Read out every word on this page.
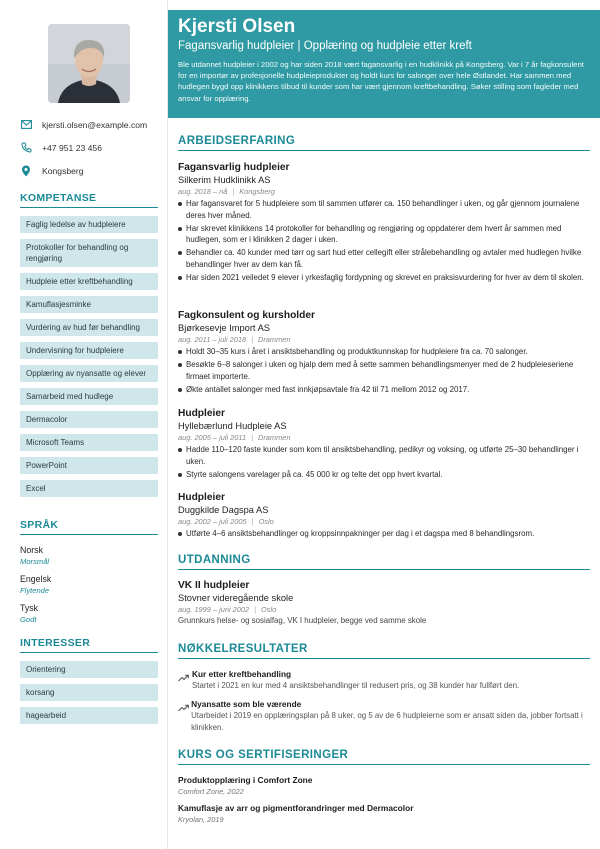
kjersti.olsen@example.com
+47 951 23 456
Kongsberg
KOMPETANSE
Faglig ledelse av hudpleiere
Protokoller for behandling og rengjøring
Hudpleie etter kreftbehandling
Kamuflasjesminke
Vurdering av hud før behandling
Undervisning for hudpleiere
Opplæring av nyansatte og elever
Samarbeid med hudlege
Dermacolor
Microsoft Teams
PowerPoint
Excel
SPRÅK
Norsk
Morsmål
Engelsk
Flytende
Tysk
Godt
INTERESSER
Orientering
korsang
hagearbeid
Kjersti Olsen
Fagansvarlig hudpleier | Opplæring og hudpleie etter kreft
Ble utdannet hudpleier i 2002 og har siden 2018 vært fagansvarlig i en hudklinikk på Kongsberg. Var i 7 år fagkonsulent for en importør av profesjonelle hudpleieprodukter og holdt kurs for salonger over hele Østlandet. Har sammen med hudlegen bygd opp klinikkens tilbud til kunder som har vært gjennom kreftbehandling. Søker stilling som fagleder med ansvar for opplæring.
ARBEIDSERFARING
Fagansvarlig hudpleier
Silkerim Hudklinikk AS
aug. 2018 – nå | Kongsberg
Har fagansvaret for 5 hudpleiere som til sammen utfører ca. 150 behandlinger i uken, og går gjennom journalene deres hver måned.
Har skrevet klinikkens 14 protokoller for behandling og rengjøring og oppdaterer dem hvert år sammen med hudlegen, som er i klinikken 2 dager i uken.
Behandler ca. 40 kunder med tørr og sart hud etter cellegift eller strålebehandling og avtaler med hudlegen hvilke behandlinger hver av dem kan få.
Har siden 2021 veiledet 9 elever i yrkesfaglig fordypning og skrevet en praksisvurdering for hver av dem til skolen.
Fagkonsulent og kursholder
Bjørkesevje Import AS
aug. 2011 – juli 2018 | Drammen
Holdt 30–35 kurs i året i ansiktsbehandling og produktkunnskap for hudpleiere fra ca. 70 salonger.
Besøkte 6–8 salonger i uken og hjalp dem med å sette sammen behandlingsmenyer med de 2 hudpleieseriene firmaet importerte.
Økte antallet salonger med fast innkjøpsavtale fra 42 til 71 mellom 2012 og 2017.
Hudpleier
Hyllebærlund Hudpleie AS
aug. 2005 – juli 2011 | Drammen
Hadde 110–120 faste kunder som kom til ansiktsbehandling, pedikyr og voksing, og utførte 25–30 behandlinger i uken.
Styrte salongens varelager på ca. 45 000 kr og telte det opp hvert kvartal.
Hudpleier
Duggkilde Dagspa AS
aug. 2002 – juli 2005 | Oslo
Utførte 4–6 ansiktsbehandlinger og kroppsinnpakninger per dag i et dagspa med 8 behandlingsrom.
UTDANNING
VK II hudpleier
Stovner videregående skole
aug. 1999 – juni 2002 | Oslo
Grunnkurs helse- og sosialfag, VK I hudpleier, begge ved samme skole
NØKKELRESULTATER
Kur etter kreftbehandling
Startet i 2021 en kur med 4 ansiktsbehandlinger til redusert pris, og 38 kunder har fullført den.
Nyansatte som ble værende
Utarbeidet i 2019 en opplæringsplan på 8 uker, og 5 av de 6 hudpleierne som er ansatt siden da, jobber fortsatt i klinikken.
KURS OG SERTIFISERINGER
Produktopplæring i Comfort Zone
Comfort Zone, 2022
Kamuflasje av arr og pigmentforandringer med Dermacolor
Kryolan, 2019
